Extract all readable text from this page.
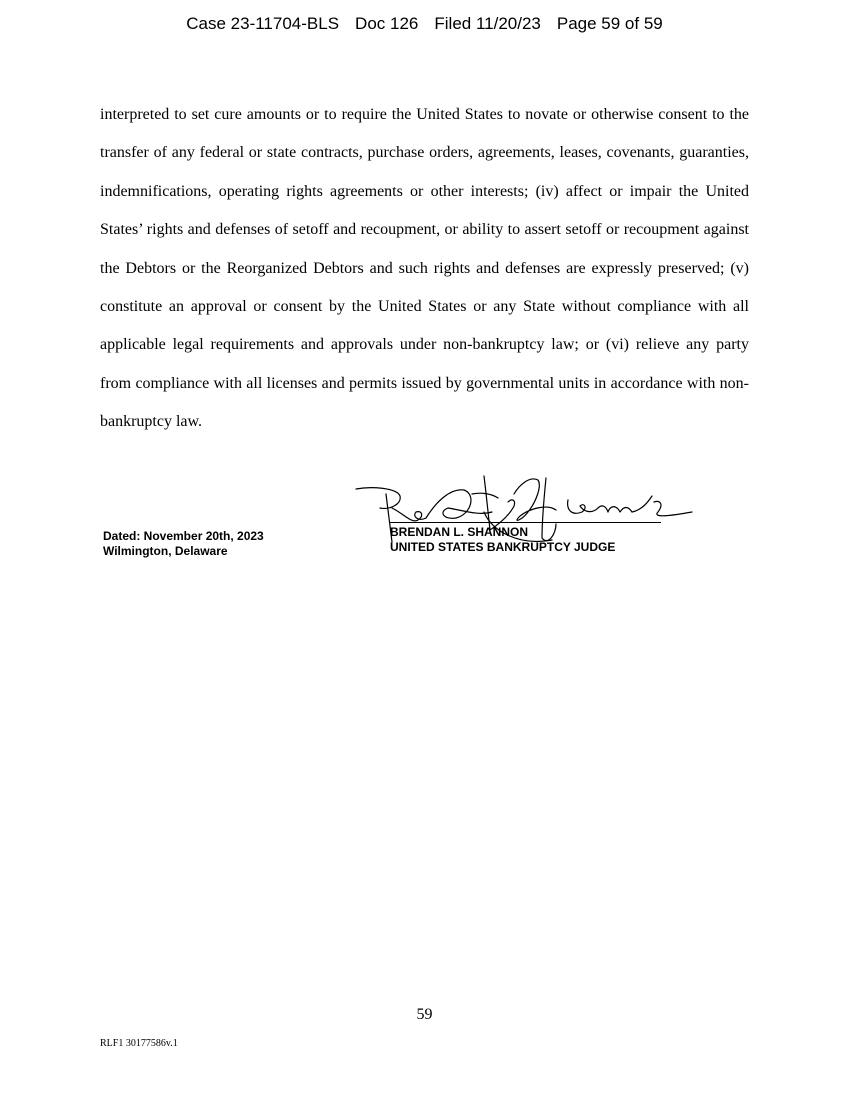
Case 23-11704-BLS Doc 126 Filed 11/20/23 Page 59 of 59

interpreted to set cure amounts or to require the United States to novate or otherwise consent to the transfer of any federal or state contracts, purchase orders, agreements, leases, covenants, guaranties, indemnifications, operating rights agreements or other interests; (iv) affect or impair the United States’ rights and defenses of setoff and recoupment, or ability to assert setoff or recoupment against the Debtors or the Reorganized Debtors and such rights and defenses are expressly preserved; (v) constitute an approval or consent by the United States or any State without compliance with all applicable legal requirements and approvals under non-bankruptcy law; or (vi) relieve any party from compliance with all licenses and permits issued by governmental units in accordance with non-bankruptcy law.

Dated: November 20th, 2023
Wilmington, Delaware
BRENDAN L. SHANNON
UNITED STATES BANKRUPTCY JUDGE
59
RLF1 30177586v.1
